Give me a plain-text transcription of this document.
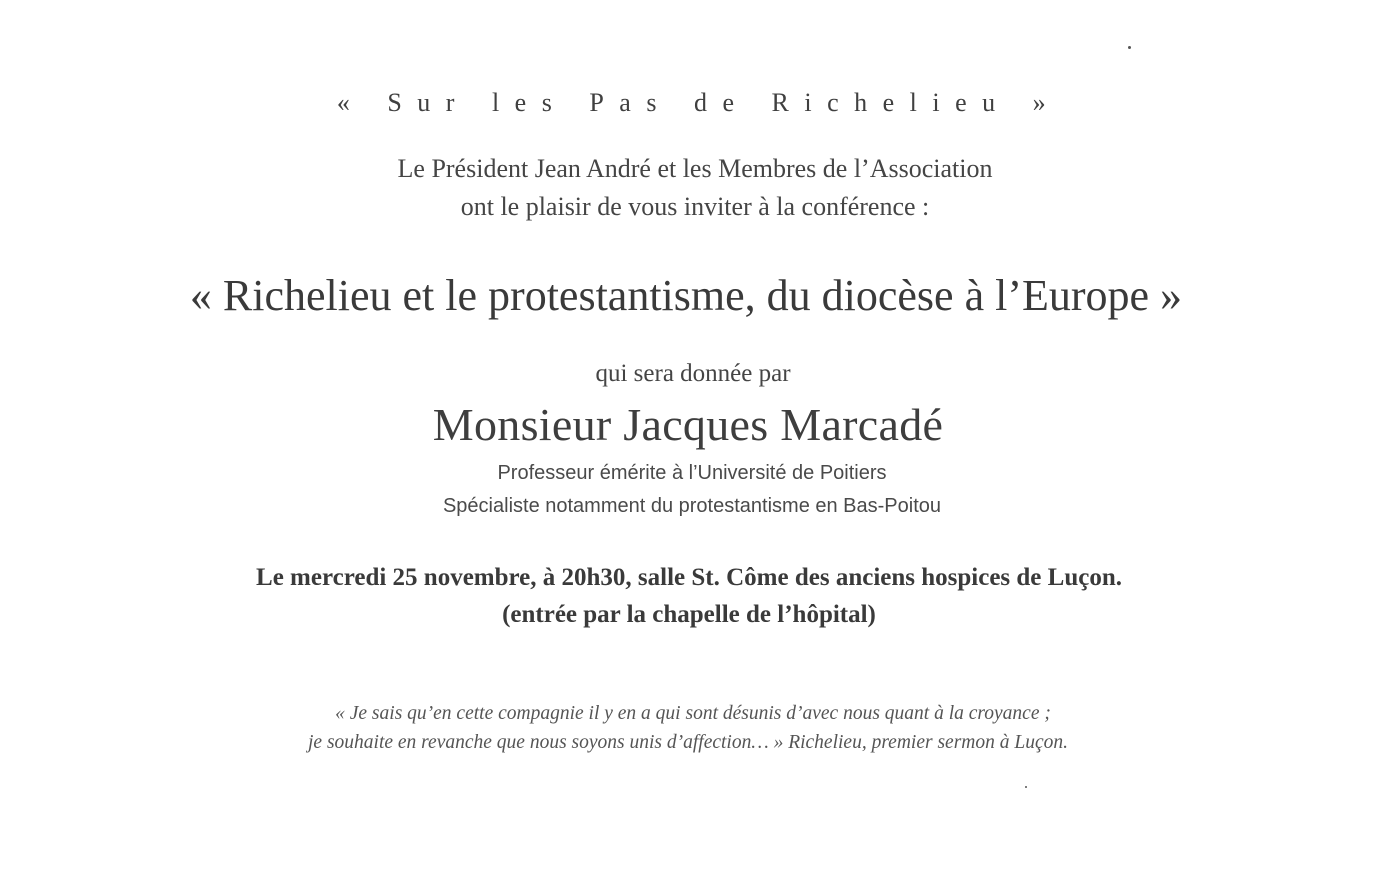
« Sur les Pas de Richelieu »
Le Président Jean André et les Membres de l’Association
ont le plaisir de vous inviter à la conférence :
« Richelieu et le protestantisme, du diocèse à l’Europe »
qui sera donnée par
Monsieur Jacques Marcadé
Professeur émérite à l’Université de Poitiers
Spécialiste notamment du protestantisme en Bas-Poitou
Le mercredi 25 novembre, à 20h30, salle St. Côme des anciens hospices de Luçon.
(entrée par la chapelle de l’hôpital)
« Je sais qu’en cette compagnie il y en a qui sont désunis d’avec nous quant à la croyance ;
je souhaite en revanche que nous soyons unis d’affection… » Richelieu, premier sermon à Luçon.
